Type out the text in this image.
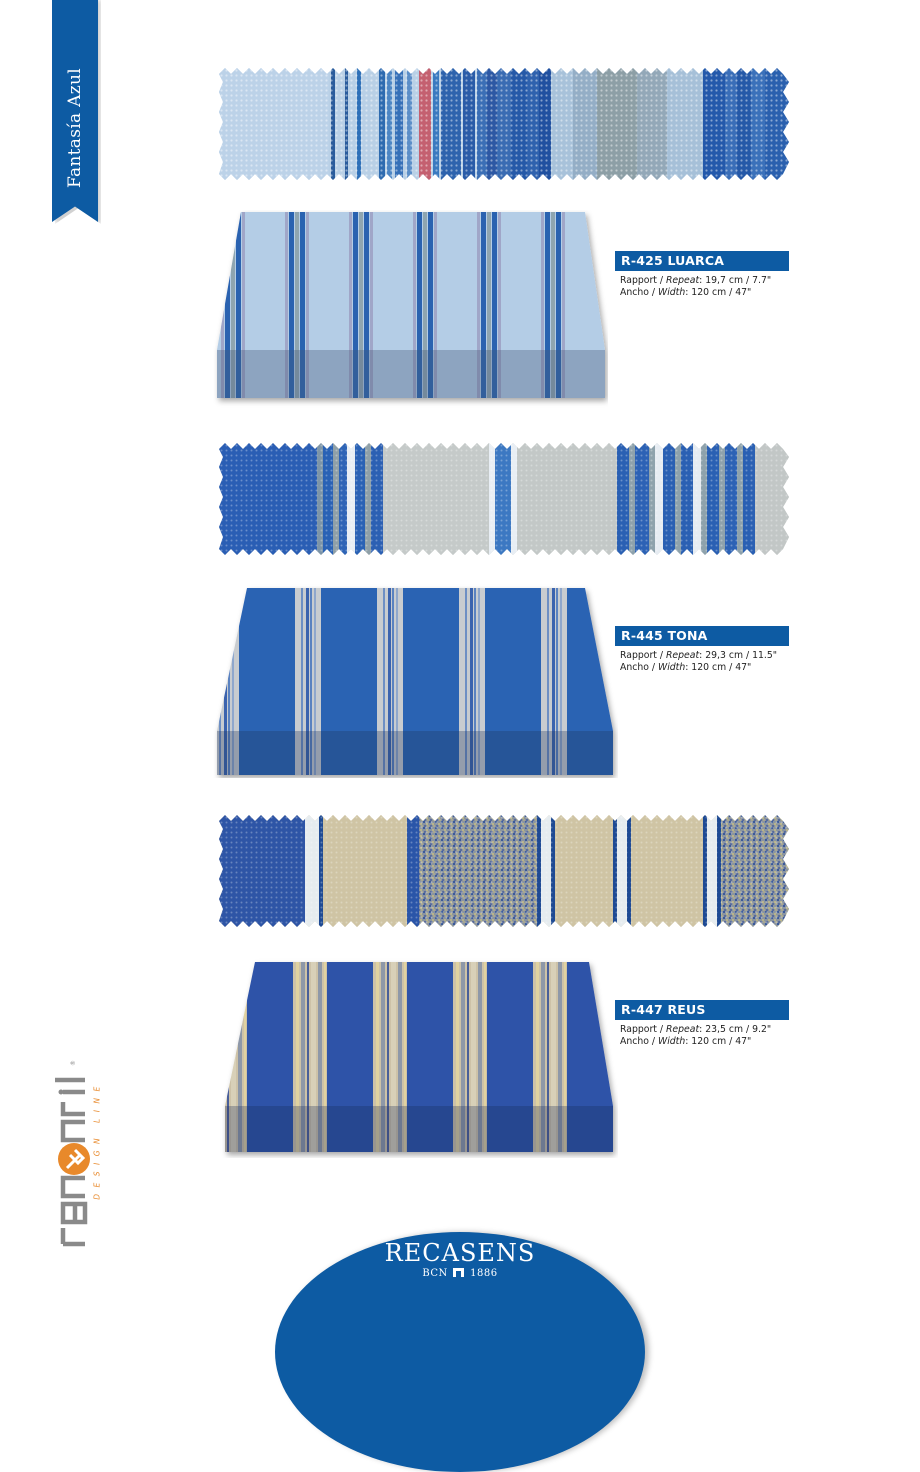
Fantasía Azul
R-425 LUARCA
Rapport / Repeat: 19,7 cm / 7.7"
Ancho / Width: 120 cm / 47"
R-445 TONA
Rapport / Repeat: 29,3 cm / 11.5"
Ancho / Width: 120 cm / 47"
R-447 REUS
Rapport / Repeat: 23,5 cm / 9.2"
Ancho / Width: 120 cm / 47"
®
DESIGN LINE
RECASENS
BCN 1886
